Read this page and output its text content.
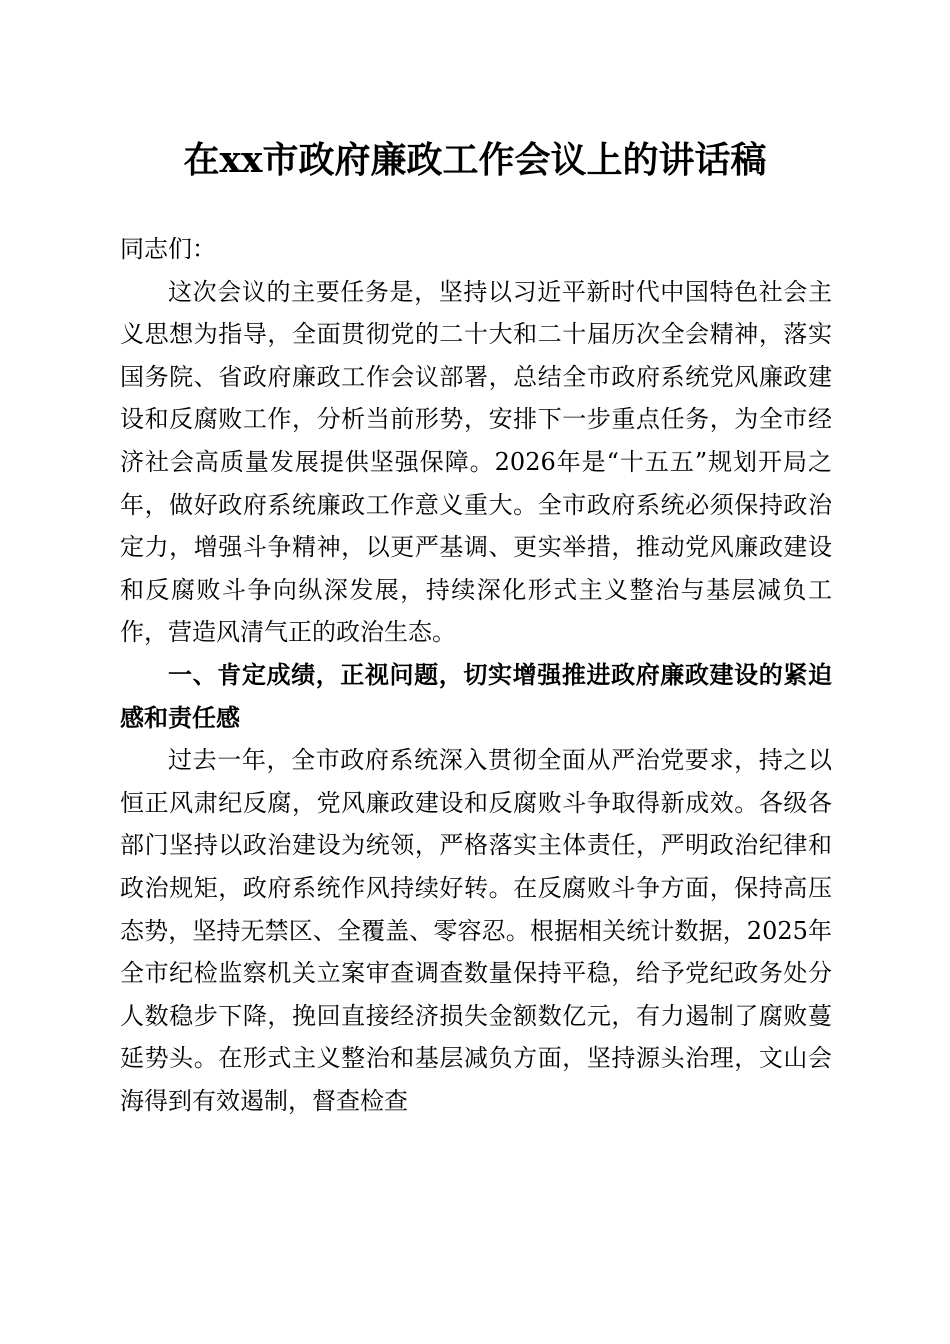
在xx市政府廉政工作会议上的讲话稿

同志们：

这次会议的主要任务是，坚持以习近平新时代中国特色社会主义思想为指导，全面贯彻党的二十大和二十届历次全会精神，落实国务院、省政府廉政工作会议部署，总结全市政府系统党风廉政建设和反腐败工作，分析当前形势，安排下一步重点任务，为全市经济社会高质量发展提供坚强保障。2026年是“十五五”规划开局之年，做好政府系统廉政工作意义重大。全市政府系统必须保持政治定力，增强斗争精神，以更严基调、更实举措，推动党风廉政建设和反腐败斗争向纵深发展，持续深化形式主义整治与基层减负工作，营造风清气正的政治生态。

一、肯定成绩，正视问题，切实增强推进政府廉政建设的紧迫感和责任感

过去一年，全市政府系统深入贯彻全面从严治党要求，持之以恒正风肃纪反腐，党风廉政建设和反腐败斗争取得新成效。各级各部门坚持以政治建设为统领，严格落实主体责任，严明政治纪律和政治规矩，政府系统作风持续好转。在反腐败斗争方面，保持高压态势，坚持无禁区、全覆盖、零容忍。根据相关统计数据，2025年全市纪检监察机关立案审查调查数量保持平稳，给予党纪政务处分人数稳步下降，挽回直接经济损失金额数亿元，有力遏制了腐败蔓延势头。在形式主义整治和基层减负方面，坚持源头治理，文山会海得到有效遏制，督查检查
